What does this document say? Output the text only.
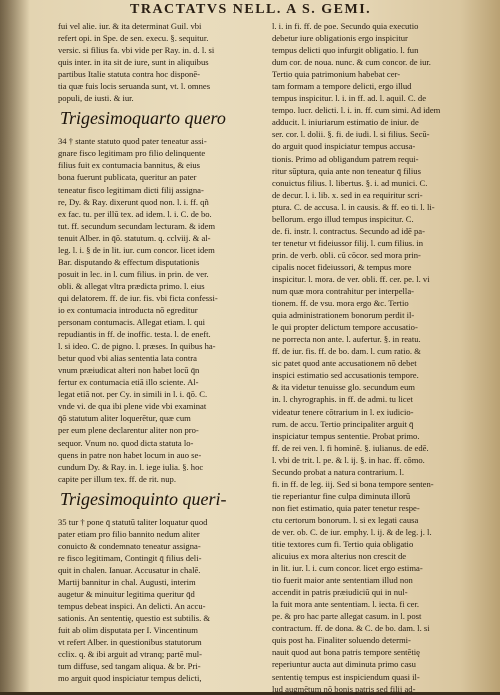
TRACTATVS NELL. A S. GEMI.
fui vel alie. iur. & ita determinat Guil. vbi
refert opi. in Spe. de sen. execu. §. sequitur.
versic. si filius fa. vbi vide per Ray. in. d. l. si
quis inter. in ita sit de iure, sunt in aliquibus
partibus Italie statuta contra hoc disponē-
tia quæ fuis locis seruanda sunt, vt. l. omnes
populi, de iusti. & iur.
Trigesimoquarto quero
34 † stante statuto quod pater teneatur assi-
gnare fisco legitimam pro filio delinquente
filius fuit ex contumacia bannitus, & eius
bona fuerunt publicata, queritur an pater
teneatur fisco legitimam dicti filij assigna-
re, Dy. & Ray. dixerunt quod non. l. i. ff. qñ
ex fac. tu. per illū tex. ad idem. l. i. C. de bo.
tut. ff. secundum secundam lecturam. & idem
tenuit Alber. in q̄ō. statutum. q. cclviij. & al-
leg. l. i. § de in lit. iur. cum concor. licet idem
Bar. disputando & effectum disputationis
posuit in lec. in l. cum filius. in prin. de ver.
obli. & allegat vltra prædicta primo. l. eius
qui delatorem. ff. de iur. fis. vbi ficta confessi-
io ex contumacia introducta nō egreditur
personam contumacis. Allegat etiam. l. qui
repudiantis in ff. de inoffic. testa. l. de eneft.
l. si ideo. C. de pigno. l. præses. In quibus ha-
betur quod vbi alias sententia lata contra
vnum præiudicat alteri non habet locū q̄n
fertur ex contumacia etiā illo sciente. Al-
legat etiā not. per Cy. in simili in l. i. q̄ō. C.
vnde vi. de qua ibi plene vide vbi examinat
q̄ō statutum aliter loquerētur, quæ cum
per eum plene declarentur aliter non pro-
sequor. Vnum no. quod dicta statuta lo-
quens in patre non habet locum in auo se-
cundum Dy. & Ray. in. l. iege iulia. §. hoc
capite per illum tex. ff. de rit. nup.
Trigesimoquinto queri-
35 tur † pone q̄ statutū taliter loquatur quod
pater etiam pro filio bannito nedum aliter
conuicto & condemnato teneatur assigna-
re fisco legitimam, Contingit q̄ filius deli-
quit in chalen. Ianuar. Accusatur in chalē.
Martij bannitur in chal. Augusti, interim
augetur & minuitur legitima queritur q̄d
tempus debeat inspici. An delicti. An accu-
sationis. An sententię, questio est subtilis. &
fuit ab olim disputata per I. Vincentinum
vt refert Alber. in questionibus statutorum
cclix. q. & ibi arguit ad vtranq; partē mul-
tum diffuse, sed tangam aliqua. & br. Pri-
mo arguit quod inspiciatur tempus delicti,
l. i. in fi. ff. de poe. Secundo quia executio
debetur iure obligationis ergo inspicitur
tempus delicti quo infurgit obligatio. l. fun
dum cor. de noua. nunc. & cum concor. de iur.
Tertio quia patrimonium habebat cer-
tam formam a tempore delicti, ergo illud
tempus inspicitur. l. i. in ff. ad. l. aquil. C. de
tempo. lucr. delicti. l. i. in. ff. cum simi. Ad idem
adducit. l. iniuriarum estimatio de iniur. de
ser. cor. l. dolii. §. fi. de iudi. l. si filius. Secū-
do arguit quod inspiciatur tempus accusa-
tionis. Primo ad obligandum patrem requi-
ritur sūptura, quia ante non teneatur q̄ filius
conuictus filius. l. libertus. §. i. ad munici. C.
de decur. l. i. lib. x. sed in ea requiritur scri-
ptura. C. de accusa. l. in causis. & ff. eo ti. l. li-
bellorum. ergo illud tempus inspicitur. C.
de. fi. instr. l. contractus. Secundo ad idē pa-
ter tenetur vt fideiussor filij. l. cum filius. in
prin. de verb. obli. cū cōcor. sed mora prin-
cipalis nocet fideiussori, & tempus more
inspicitur. l. mora. de ver. obli. ff. cer. pe. l. vi
num quæ mora contrahitur per interpella-
tionem. ff. de vsu. mora ergo &c. Tertio
quia administrationem bonorum perdit il-
le qui propter delictum tempore accusatio-
ne porrecta non ante. l. aufertur. §. in reatu.
ff. de iur. fis. ff. de bo. dam. l. cum ratio. &
sic patet quod ante accusationem nō debet
inspici estimatio sed accusationis tempore.
& ita videtur tenuisse glo. secundum eum
in. l. chyrographis. in ff. de admi. tu licet
videatur tenere cōtrarium in l. ex iudicio-
rum. de accu. Tertio principaliter arguit q̄
inspiciatur tempus sententie. Probat primo.
ff. de rei ven. l. fi hominē. §. iulianus. de edē.
l. vbi de trit. l. pe. & l. ij. §. in hac. ff. cōmo.
Secundo probat a natura contrarium. l.
fi. in ff. de leg. iij. Sed si bona tempore senten-
tie reperiantur fine culpa diminuta illorū
non fiet estimatio, quia pater tenetur respe-
ctu certorum bonorum. l. si ex legati causa
de ver. ob. C. de iur. emphy. l. ij. & de leg. j. l.
titie textores cum fi. Tertio quia obligatio
alicuius ex mora alterius non crescit de
in lit. iur. l. i. cum concor. licet ergo estima-
tio fuerit maior ante sententiam illud non
accendit in patris præiudiciū qui in nul-
la fuit mora ante sententiam. l. iecta. fi cer.
pe. & pro hac parte allegat casum. in l. post
contractum. ff. de dona. & C. de bo. dam. l. si
quis post ha. Finaliter soluendo determi-
nauit quod aut bona patris tempore sentētię
reperiuntur aucta aut diminuta primo casu
sententię tempus est inspiciendum quasi il-
lud augmētum nō bonis patris sed filij ad-
